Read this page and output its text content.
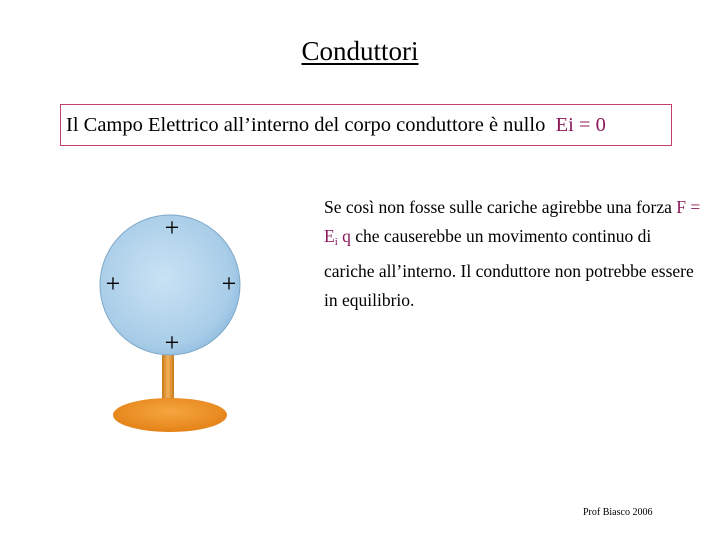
Conduttori
Il Campo Elettrico all’interno del corpo conduttore è nullo
Ei = 0
+
+	+
+
Se così non fosse sulle cariche agirebbe una forza $F = E_i$ q che causerebbe un movimento continuo di cariche all’interno. Il conduttore non potrebbe essere in equilibrio.
Prof Biasco 2006
